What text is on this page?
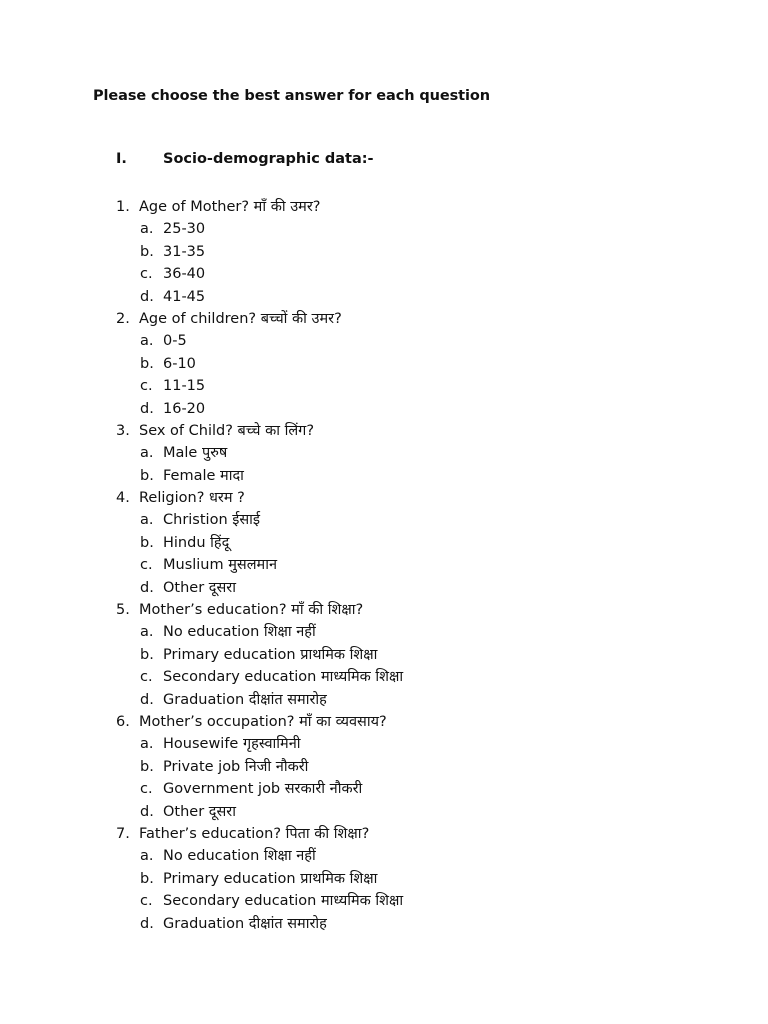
Please choose the best answer for each question
I. Socio-demographic data:-
1. Age of Mother? माँ की उमर?
a. 25-30
b. 31-35
c. 36-40
d. 41-45
2. Age of children? बच्चों की उमर?
a. 0-5
b. 6-10
c. 11-15
d. 16-20
3. Sex of Child? बच्चे का लिंग?
a. Male पुरुष
b. Female मादा
4. Religion? धरम ?
a. Christion ईसाई
b. Hindu हिंदू
c. Muslium मुसलमान
d. Other दूसरा
5. Mother’s education? माँ की शिक्षा?
a. No education शिक्षा नहीं
b. Primary education प्राथमिक शिक्षा
c. Secondary education माध्यमिक शिक्षा
d. Graduation दीक्षांत समारोह
6. Mother’s occupation? माँ का व्यवसाय?
a. Housewife गृहस्वामिनी
b. Private job निजी नौकरी
c. Government job सरकारी नौकरी
d. Other दूसरा
7. Father’s education? पिता की शिक्षा?
a. No education शिक्षा नहीं
b. Primary education प्राथमिक शिक्षा
c. Secondary education माध्यमिक शिक्षा
d. Graduation दीक्षांत समारोह
